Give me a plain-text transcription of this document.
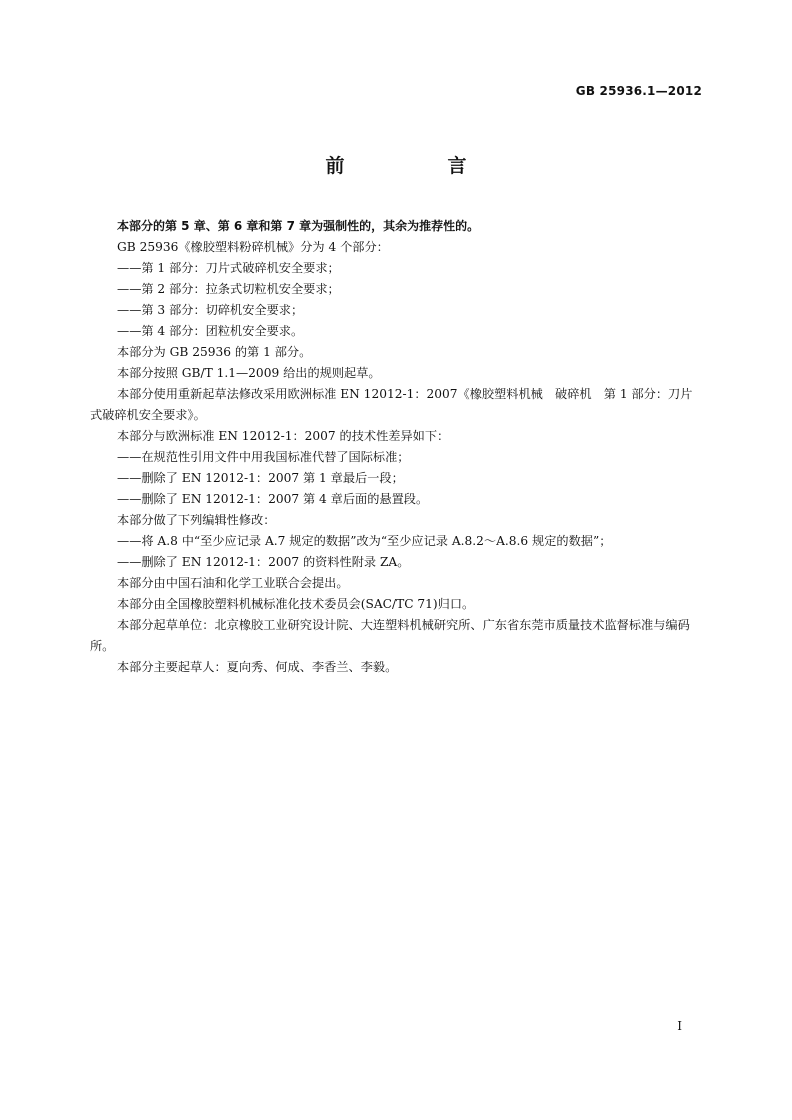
GB 25936.1—2012
前　言

本部分的第 5 章、第 6 章和第 7 章为强制性的，其余为推荐性的。

GB 25936《橡胶塑料粉碎机械》分为 4 个部分：

——第 1 部分：刀片式破碎机安全要求；

——第 2 部分：拉条式切粒机安全要求；

——第 3 部分：切碎机安全要求；

——第 4 部分：团粒机安全要求。

本部分为 GB 25936 的第 1 部分。

本部分按照 GB/T 1.1—2009 给出的规则起草。

本部分使用重新起草法修改采用欧洲标准 EN 12012-1：2007《橡胶塑料机械　破碎机　第 1 部分：刀片式破碎机安全要求》。

本部分与欧洲标准 EN 12012-1：2007 的技术性差异如下：

——在规范性引用文件中用我国标准代替了国际标准；

——删除了 EN 12012-1：2007 第 1 章最后一段；

——删除了 EN 12012-1：2007 第 4 章后面的悬置段。

本部分做了下列编辑性修改：

——将 A.8 中“至少应记录 A.7 规定的数据”改为“至少应记录 A.8.2～A.8.6 规定的数据”；

——删除了 EN 12012-1：2007 的资料性附录 ZA。

本部分由中国石油和化学工业联合会提出。

本部分由全国橡胶塑料机械标准化技术委员会(SAC/TC 71)归口。

本部分起草单位：北京橡胶工业研究设计院、大连塑料机械研究所、广东省东莞市质量技术监督标准与编码所。

本部分主要起草人：夏向秀、何成、李香兰、李毅。

I
